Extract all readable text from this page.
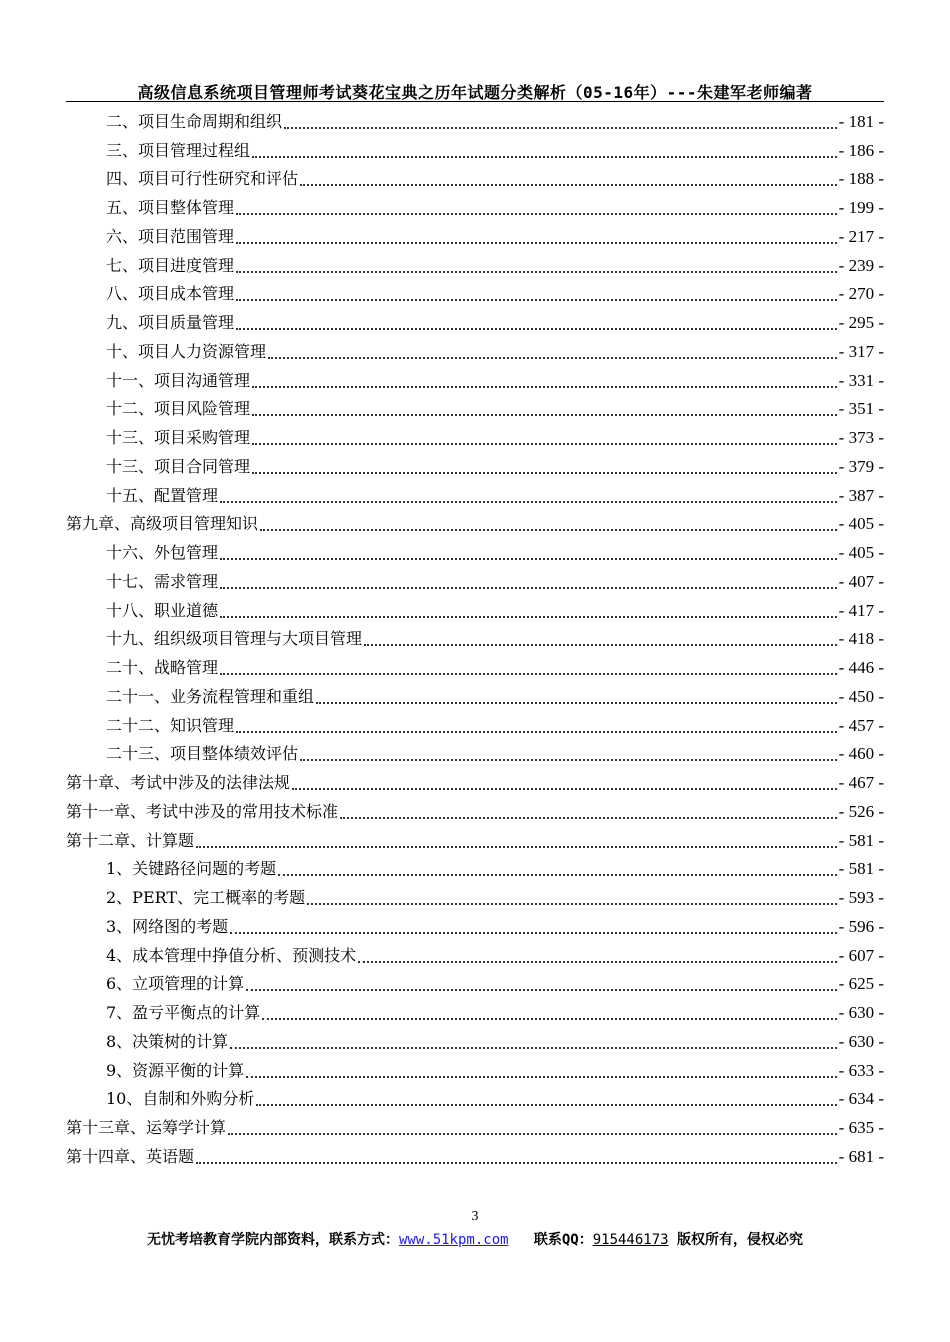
高级信息系统项目管理师考试葵花宝典之历年试题分类解析（05-16年）---朱建军老师编著
二、项目生命周期和组织	- 181 -
三、项目管理过程组	- 186 -
四、项目可行性研究和评估	- 188 -
五、项目整体管理	- 199 -
六、项目范围管理	- 217 -
七、项目进度管理	- 239 -
八、项目成本管理	- 270 -
九、项目质量管理	- 295 -
十、项目人力资源管理	- 317 -
十一、项目沟通管理	- 331 -
十二、项目风险管理	- 351 -
十三、项目采购管理	- 373 -
十三、项目合同管理	- 379 -
十五、配置管理	- 387 -
第九章、高级项目管理知识	- 405 -
十六、外包管理	- 405 -
十七、需求管理	- 407 -
十八、职业道德	- 417 -
十九、组织级项目管理与大项目管理	- 418 -
二十、战略管理	- 446 -
二十一、业务流程管理和重组	- 450 -
二十二、知识管理	- 457 -
二十三、项目整体绩效评估	- 460 -
第十章、考试中涉及的法律法规	- 467 -
第十一章、考试中涉及的常用技术标准	- 526 -
第十二章、计算题	- 581 -
1、关键路径问题的考题	- 581 -
2、PERT、完工概率的考题	- 593 -
3、网络图的考题	- 596 -
4、成本管理中挣值分析、预测技术	- 607 -
6、立项管理的计算	- 625 -
7、盈亏平衡点的计算	- 630 -
8、决策树的计算	- 630 -
9、资源平衡的计算	- 633 -
10、自制和外购分析	- 634 -
第十三章、运筹学计算	- 635 -
第十四章、英语题	- 681 -
3
无忧考培教育学院内部资料，联系方式：www.51kpm.com 联系QQ：915446173 版权所有，侵权必究
